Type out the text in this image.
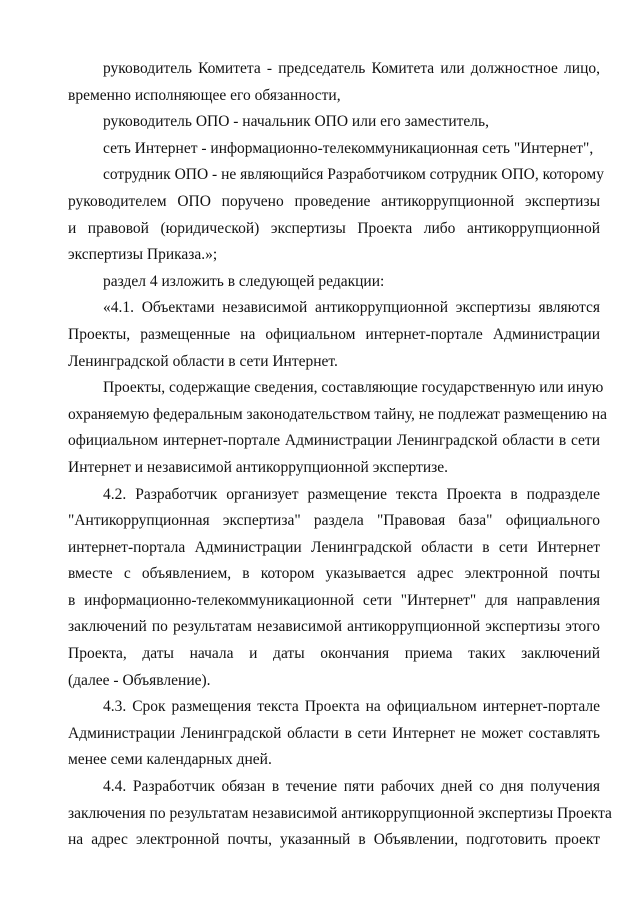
руководитель Комитета - председатель Комитета или должностное лицо,
временно исполняющее его обязанности,
руководитель ОПО - начальник ОПО или его заместитель,
сеть Интернет - информационно-телекоммуникационная сеть "Интернет",
сотрудник ОПО - не являющийся Разработчиком сотрудник ОПО, которому
руководителем ОПО поручено проведение антикоррупционной экспертизы
и правовой (юридической) экспертизы Проекта либо антикоррупционной
экспертизы Приказа.»;
раздел 4 изложить в следующей редакции:
«4.1. Объектами независимой антикоррупционной экспертизы являются
Проекты, размещенные на официальном интернет-портале Администрации
Ленинградской области в сети Интернет.
Проекты, содержащие сведения, составляющие государственную или иную
охраняемую федеральным законодательством тайну, не подлежат размещению на
официальном интернет-портале Администрации Ленинградской области в сети
Интернет и независимой антикоррупционной экспертизе.
4.2. Разработчик организует размещение текста Проекта в подразделе
"Антикоррупционная экспертиза" раздела "Правовая база" официального
интернет-портала Администрации Ленинградской области в сети Интернет
вместе с объявлением, в котором указывается адрес электронной почты
в информационно-телекоммуникационной сети "Интернет" для направления
заключений по результатам независимой антикоррупционной экспертизы этого
Проекта, даты начала и даты окончания приема таких заключений
(далее - Объявление).
4.3. Срок размещения текста Проекта на официальном интернет-портале
Администрации Ленинградской области в сети Интернет не может составлять
менее семи календарных дней.
4.4. Разработчик обязан в течение пяти рабочих дней со дня получения
заключения по результатам независимой антикоррупционной экспертизы Проекта
на адрес электронной почты, указанный в Объявлении, подготовить проект
